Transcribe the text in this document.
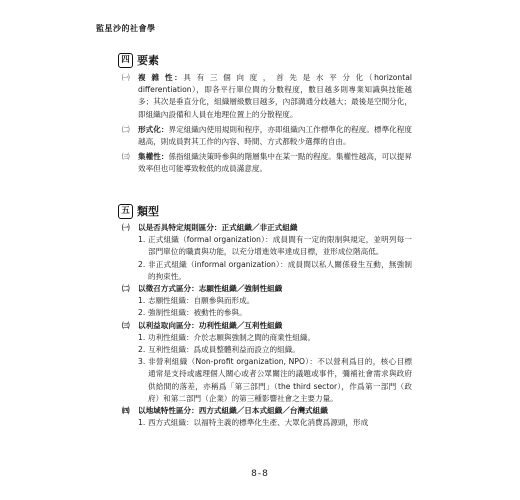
監星沙的社會學
四 要素
㈠	複 雜 性：具 有 三 個 向 度 ， 首 先 是 水 平 分 化（horizontal differentiation），即各平行單位間的分數程度，數目越多則專業知識與技能越多；其次是垂直分化，組織層級數目越多，內部溝通分歧越大；最後是空間分化，即組織內設備和人員在地理位置上的分散程度。
㈡	形式化：界定組織內使用規則和程序，亦即組織內工作標準化的程度。標準化程度越高，則成員對其工作的內容、時間、方式都較少選擇的自由。
㈢	集權性：係指組織決策時參與的階層集中在某一點的程度。集權性越高，可以提昇效率但也可能導致較低的成員滿意度。
五 類型
㈠	以是否具特定規則區分：正式組織／非正式組織
1. 正式組織（formal organization）：成員間有一定的限制與規定，並明列每一部門單位的職責與功能，以充分增進效率達成目標，並形成位階高低。
2. 非正式組織（informal organization）：成員間以私人關係發生互動，無強制的拘束性。
㈡	以徵召方式區分：志願性組織／強制性組織
1. 志願性組織：自願參與而形成。
2. 強制性組織：被動性的參與。
㈢	以利益取向區分：功利性組織／互利性組織
1. 功利性組織：介於志願與強制之間的商業性組織。
2. 互利性組織：爲成員整體利益而設立的組織。
3. 非營利組織（Non-profit organization, NPO）：不以營利爲目的，核心目標通常是支持或處理個人關心或者公眾關注的議題或事件，彌補社會需求與政府供給間的落差，亦稱爲「第三部門」（the third sector），作爲第一部門（政府）和第二部門（企業）的第三種影響社會之主要力量。
㈣	以地域特性區分：西方式組織／日本式組織／台灣式組織
1. 西方式組織：以福特主義的標準化生產、大眾化消費爲源頭，形成
8-8
